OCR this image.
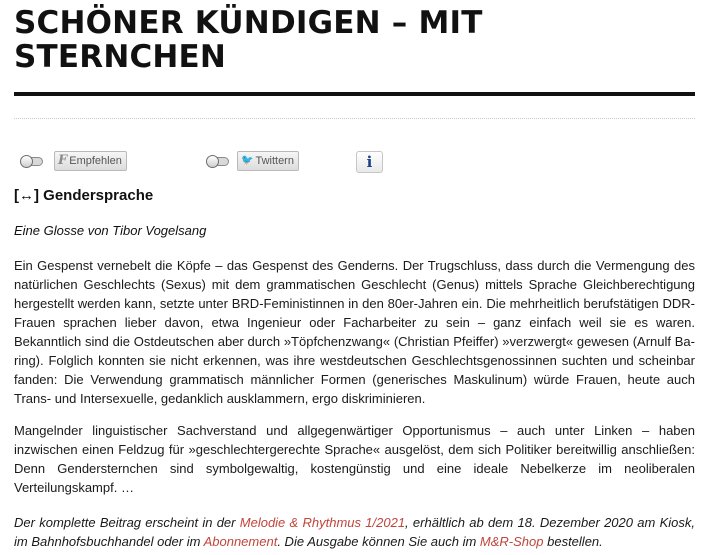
SCHÖNER KÜNDIGEN – MIT STERNCHEN
F Empfehlen	🐦 Twittern	i
[↔] Gendersprache

Eine Glosse von Tibor Vogelsang

Ein Gespenst vernebelt die Köpfe – das Gespenst des Genderns. Der Trugschluss, dass durch die Vermengung des
natürlichen Geschlechts (Sexus) mit dem grammatischen Geschlecht (Genus) mittels Sprache Gleichberechtigung
hergestellt werden kann, setzte unter BRD-Feministinnen in den 80er-Jahren ein. Die mehrheitlich berufstätigen DDR-
Frauen sprachen lieber davon, etwa Ingenieur oder Facharbeiter zu sein – ganz einfach weil sie es waren.
Bekanntlich sind die Ostdeutschen aber durch »Töpfchenzwang« (Christian Pfeiffer) »verzwergt« gewesen (Arnulf Ba-
ring). Folglich konnten sie nicht erkennen, was ihre westdeutschen Geschlechtsgenossinnen suchten und scheinbar
fanden: Die Verwendung grammatisch männlicher Formen (generisches Maskulinum) würde Frauen, heute auch
Trans- und Intersexuelle, gedanklich ausklammern, ergo diskriminieren.

Mangelnder linguistischer Sachverstand und allgegenwärtiger Opportunismus – auch unter Linken – haben
inzwischen einen Feldzug für »geschlechtergerechte Sprache« ausgelöst, dem sich Politiker bereitwillig anschließen:
Denn Gendersternchen sind symbolgewaltig, kostengünstig und eine ideale Nebelkerze im neoliberalen
Verteilungskampf. …

Der komplette Beitrag erscheint in der Melodie & Rhythmus 1/2021, erhältlich ab dem 18. Dezember 2020 am Kiosk,
im Bahnhofsbuchhandel oder im Abonnement. Die Ausgabe können Sie auch im M&R-Shop bestellen.
